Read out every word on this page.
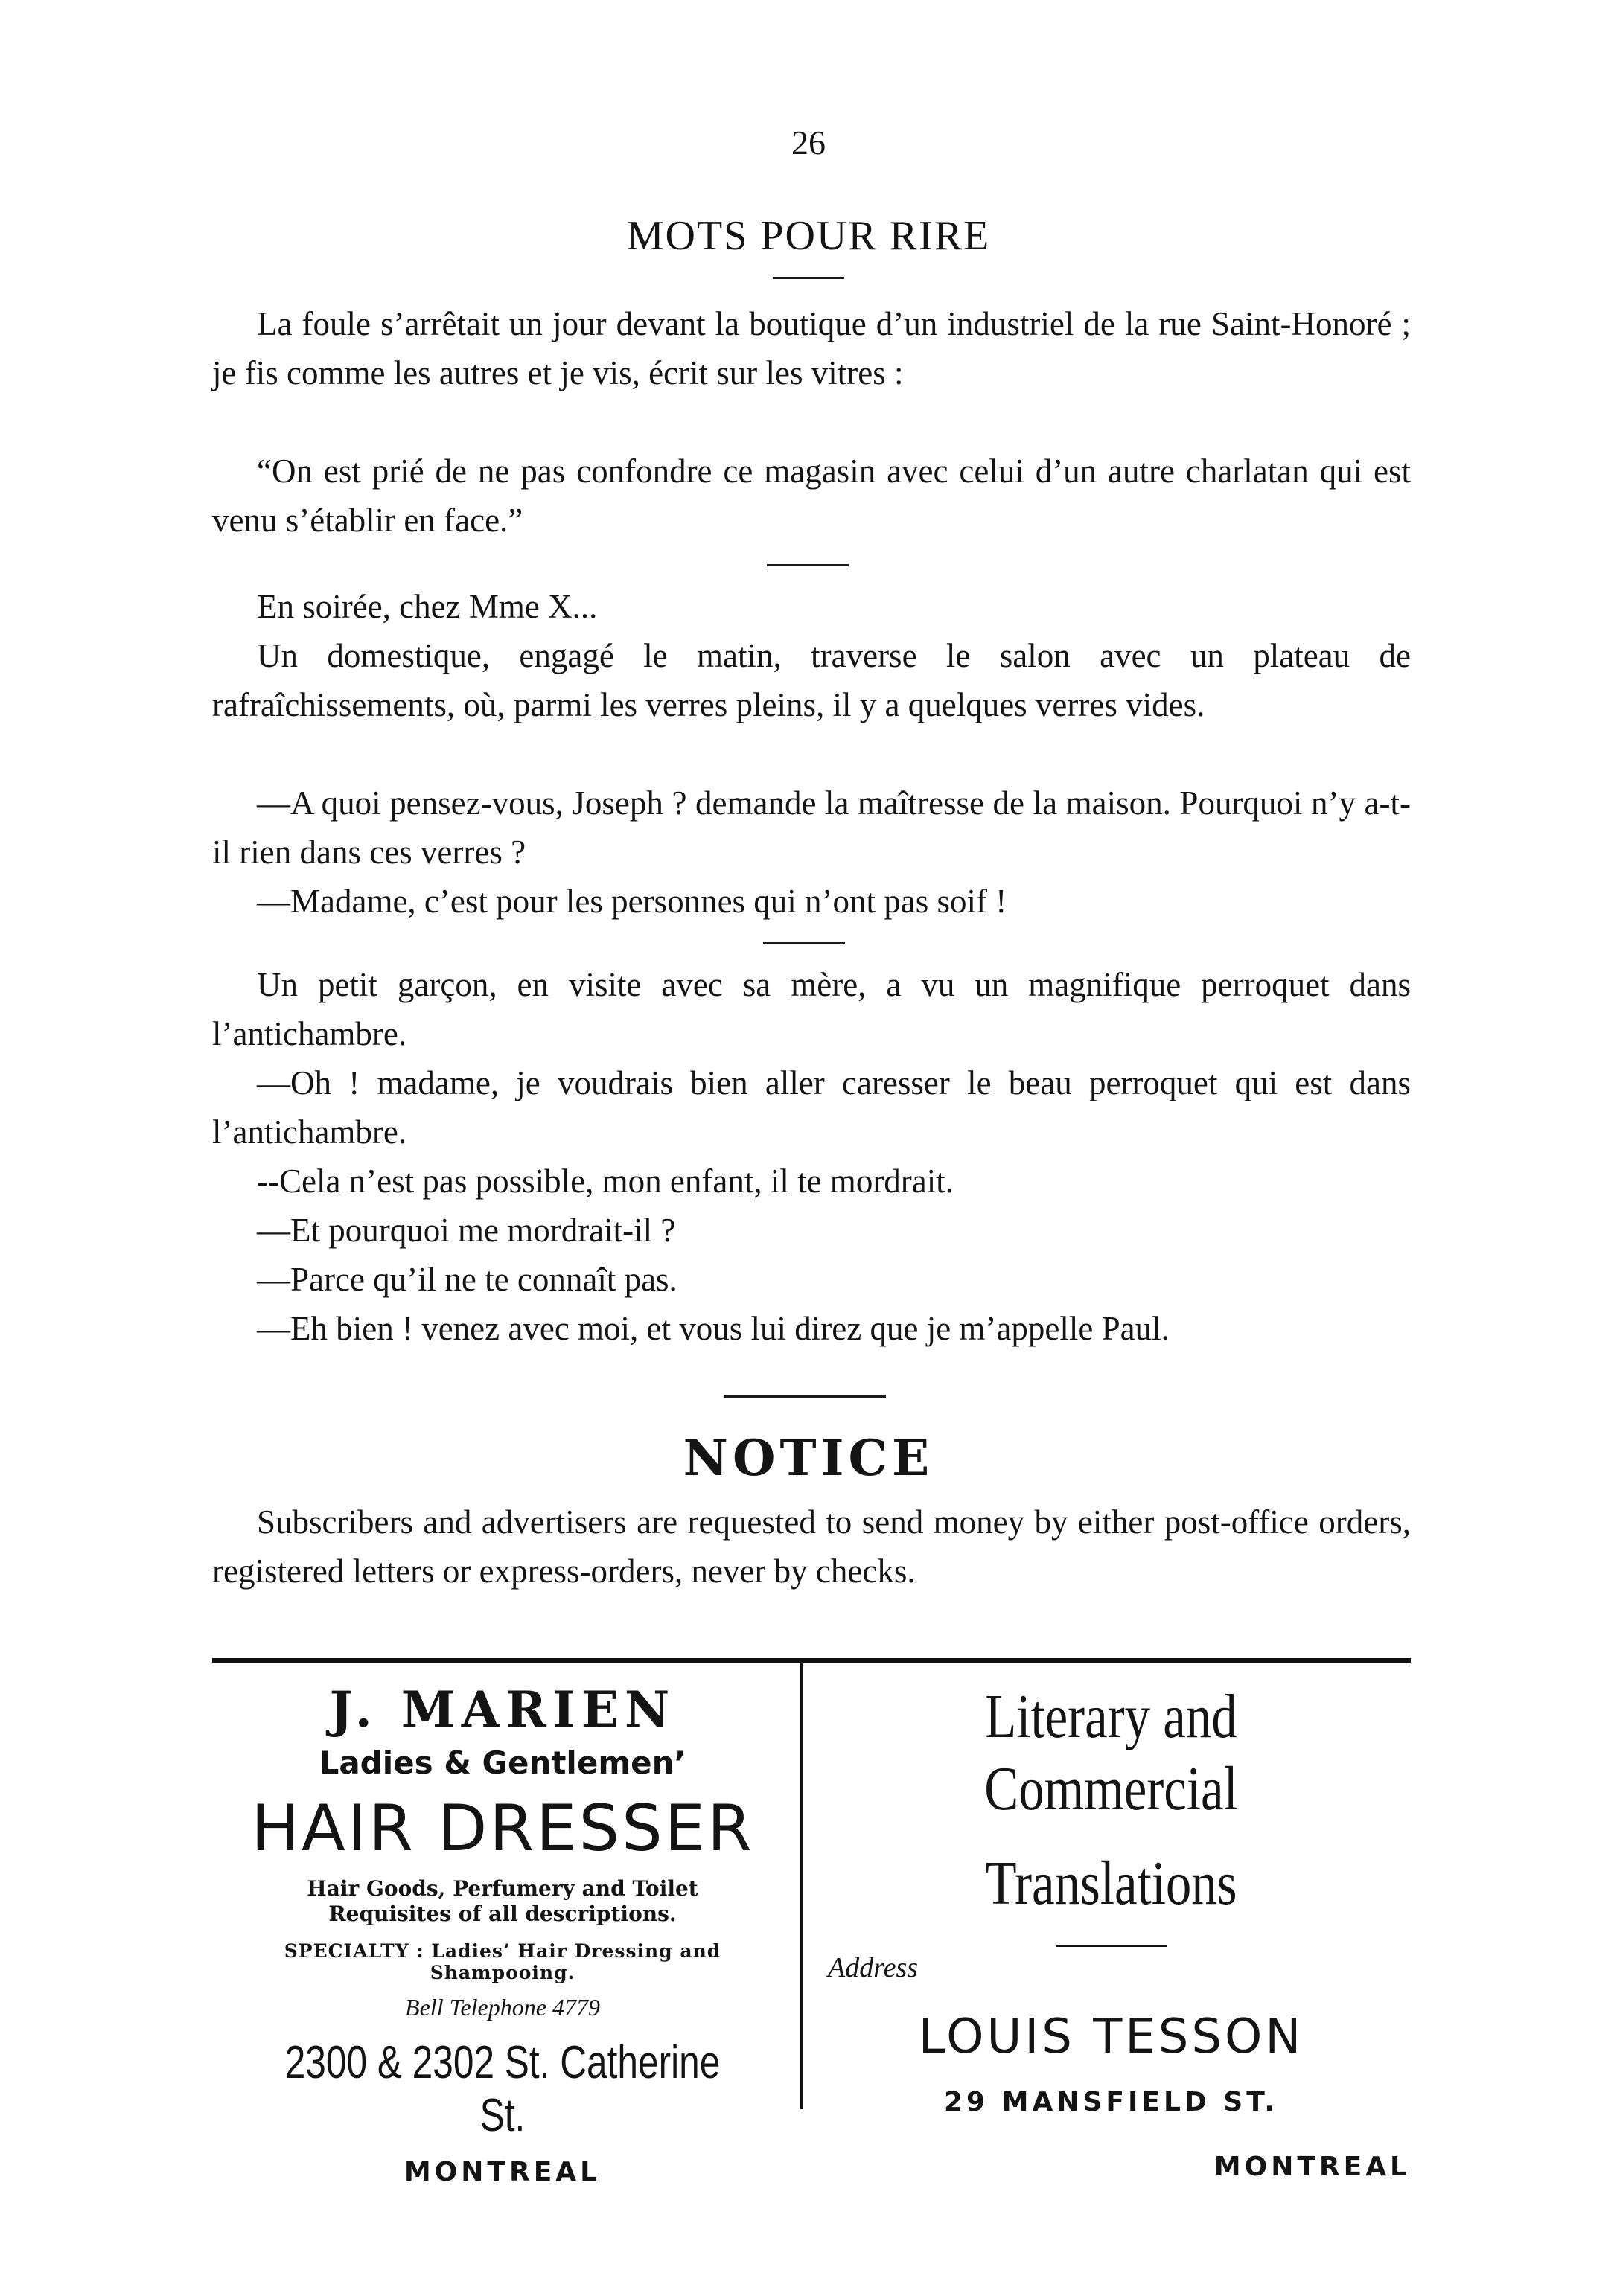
26
MOTS POUR RIRE

La foule s’arrêtait un jour devant la boutique d’un industriel de la rue Saint-Honoré ; je fis comme les autres et je vis, écrit sur les vitres :

“On est prié de ne pas confondre ce magasin avec celui d’un autre charlatan qui est venu s’établir en face.”

En soirée, chez Mme X...

Un domestique, engagé le matin, traverse le salon avec un plateau de rafraîchissements, où, parmi les verres pleins, il y a quelques verres vides.

—A quoi pensez-vous, Joseph ? demande la maîtresse de la maison. Pourquoi n’y a-t-il rien dans ces verres ?

—Madame, c’est pour les personnes qui n’ont pas soif !

Un petit garçon, en visite avec sa mère, a vu un magnifique perroquet dans l’antichambre.

—Oh ! madame, je voudrais bien aller caresser le beau perroquet qui est dans l’antichambre.

--Cela n’est pas possible, mon enfant, il te mordrait.

—Et pourquoi me mordrait-il ?

—Parce qu’il ne te connaît pas.

—Eh bien ! venez avec moi, et vous lui direz que je m’appelle Paul.

NOTICE

Subscribers and advertisers are requested to send money by either post-office orders, registered letters or express-orders, never by checks.

J. MARIEN
Ladies & Gentlemen’
HAIR DRESSER
Hair Goods, Perfumery and Toilet
Requisites of all descriptions.
SPECIALTY : Ladies’ Hair Dressing and Shampooing.
Bell Telephone 4779
2300 & 2302 St. Catherine St.
MONTREAL
Literary and Commercial
Translations
Address
LOUIS TESSON
29 MANSFIELD ST.
MONTREAL
